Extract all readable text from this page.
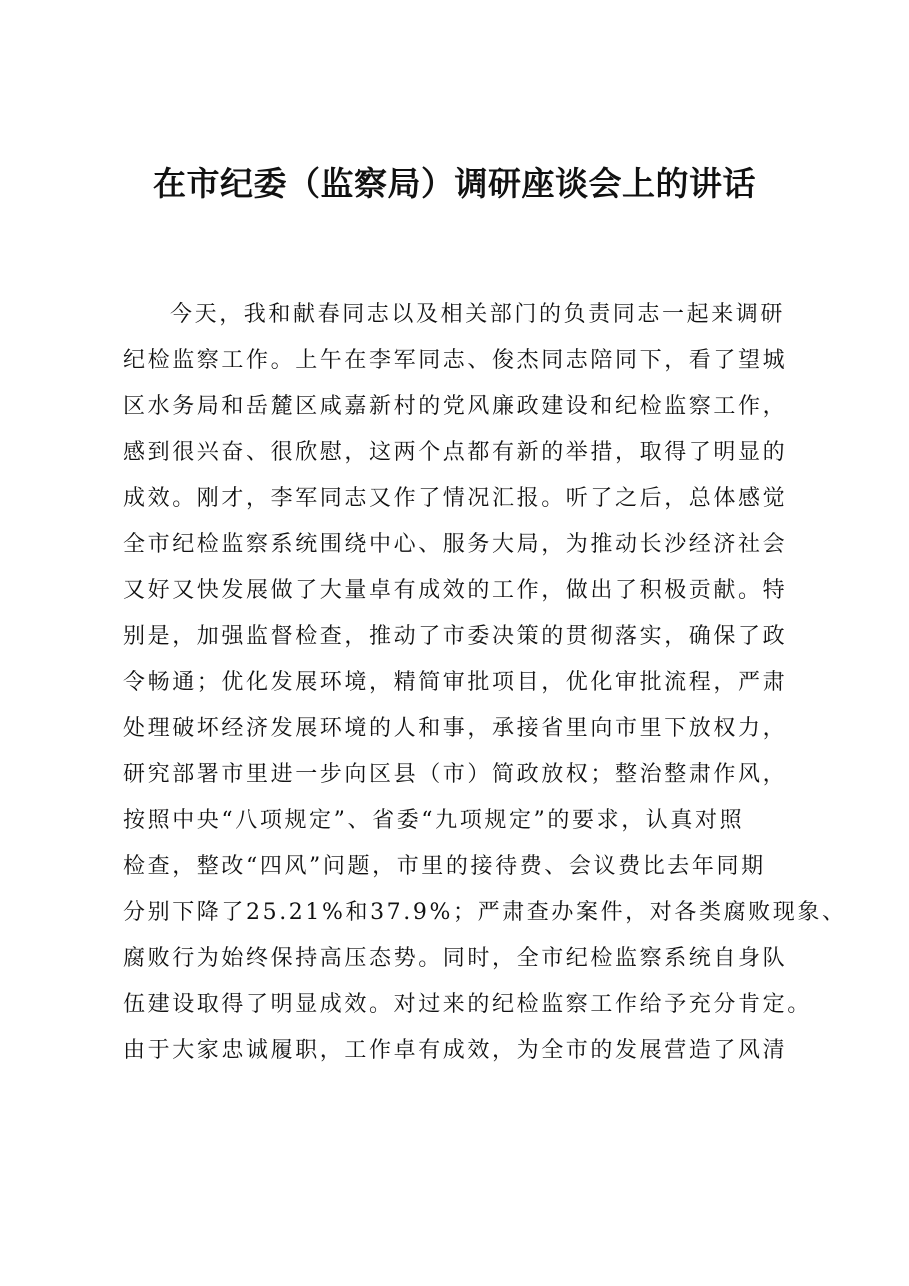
在市纪委（监察局）调研座谈会上的讲话
今天，我和献春同志以及相关部门的负责同志一起来调研
纪检监察工作。上午在李军同志、俊杰同志陪同下，看了望城
区水务局和岳麓区咸嘉新村的党风廉政建设和纪检监察工作，
感到很兴奋、很欣慰，这两个点都有新的举措，取得了明显的
成效。刚才，李军同志又作了情况汇报。听了之后，总体感觉
全市纪检监察系统围绕中心、服务大局，为推动长沙经济社会
又好又快发展做了大量卓有成效的工作，做出了积极贡献。特
别是，加强监督检查，推动了市委决策的贯彻落实，确保了政
令畅通；优化发展环境，精简审批项目，优化审批流程，严肃
处理破坏经济发展环境的人和事，承接省里向市里下放权力，
研究部署市里进一步向区县（市）简政放权；整治整肃作风，
按照中央“八项规定”、省委“九项规定”的要求，认真对照
检查，整改“四风”问题，市里的接待费、会议费比去年同期
分别下降了25.21%和37.9%；严肃查办案件，对各类腐败现象、
腐败行为始终保持高压态势。同时，全市纪检监察系统自身队
伍建设取得了明显成效。对过来的纪检监察工作给予充分肯定。
由于大家忠诚履职，工作卓有成效，为全市的发展营造了风清
